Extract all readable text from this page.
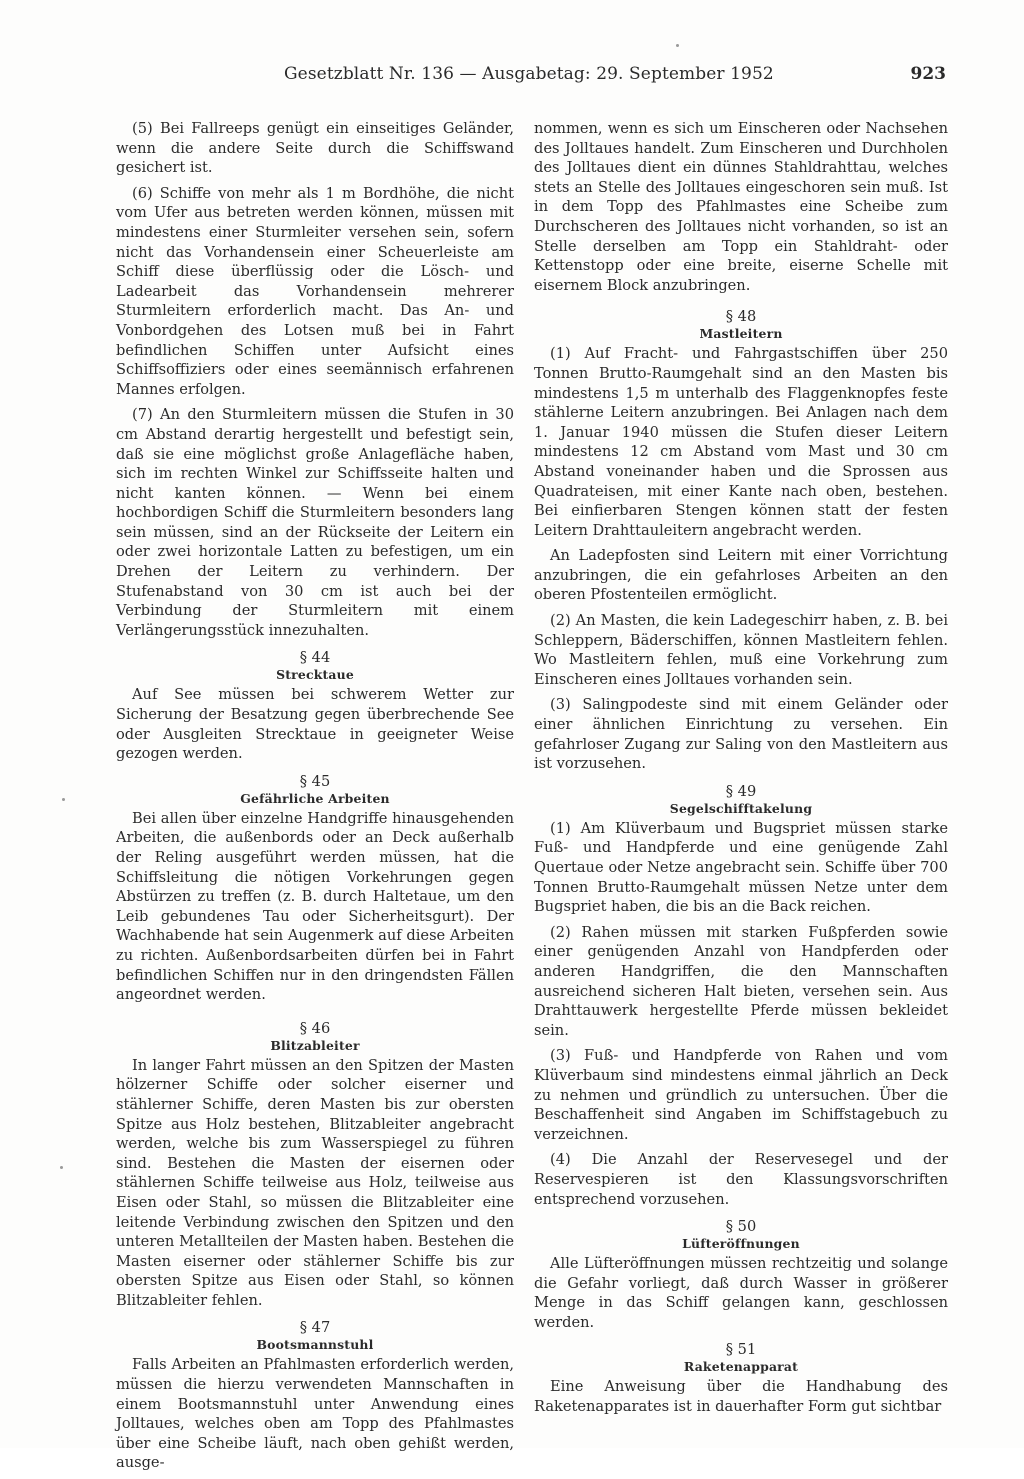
Gesetzblatt Nr. 136 — Ausgabetag: 29. September 1952	923

(5) Bei Fallreeps genügt ein einseitiges Geländer, wenn die andere Seite durch die Schiffswand gesichert ist.

(6) Schiffe von mehr als 1 m Bordhöhe, die nicht vom Ufer aus betreten werden können, müssen mit mindestens einer Sturmleiter versehen sein, sofern nicht das Vorhandensein einer Scheuerleiste am Schiff diese überflüssig oder die Lösch- und Ladearbeit das Vorhandensein mehrerer Sturmleitern erforderlich macht. Das An- und Vonbordgehen des Lotsen muß bei in Fahrt befindlichen Schiffen unter Aufsicht eines Schiffsoffiziers oder eines seemännisch erfahrenen Mannes erfolgen.

(7) An den Sturmleitern müssen die Stufen in 30 cm Abstand derartig hergestellt und befestigt sein, daß sie eine möglichst große Anlagefläche haben, sich im rechten Winkel zur Schiffsseite halten und nicht kanten können. — Wenn bei einem hochbordigen Schiff die Sturmleitern besonders lang sein müssen, sind an der Rückseite der Leitern ein oder zwei horizontale Latten zu befestigen, um ein Drehen der Leitern zu verhindern. Der Stufenabstand von 30 cm ist auch bei der Verbindung der Sturmleitern mit einem Verlängerungsstück innezuhalten.

§ 44
Strecktaue

Auf See müssen bei schwerem Wetter zur Sicherung der Besatzung gegen überbrechende See oder Ausgleiten Strecktaue in geeigneter Weise gezogen werden.

§ 45
Gefährliche Arbeiten

Bei allen über einzelne Handgriffe hinausgehenden Arbeiten, die außenbords oder an Deck außerhalb der Reling ausgeführt werden müssen, hat die Schiffsleitung die nötigen Vorkehrungen gegen Abstürzen zu treffen (z. B. durch Haltetaue, um den Leib gebundenes Tau oder Sicherheitsgurt). Der Wachhabende hat sein Augenmerk auf diese Arbeiten zu richten. Außenbordsarbeiten dürfen bei in Fahrt befindlichen Schiffen nur in den dringendsten Fällen angeordnet werden.

§ 46
Blitzableiter

In langer Fahrt müssen an den Spitzen der Masten hölzerner Schiffe oder solcher eiserner und stählerner Schiffe, deren Masten bis zur obersten Spitze aus Holz bestehen, Blitzableiter angebracht werden, welche bis zum Wasserspiegel zu führen sind. Bestehen die Masten der eisernen oder stählernen Schiffe teilweise aus Holz, teilweise aus Eisen oder Stahl, so müssen die Blitzableiter eine leitende Verbindung zwischen den Spitzen und den unteren Metallteilen der Masten haben. Bestehen die Masten eiserner oder stählerner Schiffe bis zur obersten Spitze aus Eisen oder Stahl, so können Blitzableiter fehlen.

§ 47
Bootsmannstuhl

Falls Arbeiten an Pfahlmasten erforderlich werden, müssen die hierzu verwendeten Mannschaften in einem Bootsmannstuhl unter Anwendung eines Jolltaues, welches oben am Topp des Pfahlmastes über eine Scheibe läuft, nach oben gehißt werden, ausge-

nommen, wenn es sich um Einscheren oder Nachsehen des Jolltaues handelt. Zum Einscheren und Durchholen des Jolltaues dient ein dünnes Stahldrahttau, welches stets an Stelle des Jolltaues eingeschoren sein muß. Ist in dem Topp des Pfahlmastes eine Scheibe zum Durchscheren des Jolltaues nicht vorhanden, so ist an Stelle derselben am Topp ein Stahldraht- oder Kettenstopp oder eine breite, eiserne Schelle mit eisernem Block anzubringen.

§ 48
Mastleitern

(1) Auf Fracht- und Fahrgastschiffen über 250 Tonnen Brutto-Raumgehalt sind an den Masten bis mindestens 1,5 m unterhalb des Flaggenknopfes feste stählerne Leitern anzubringen. Bei Anlagen nach dem 1. Januar 1940 müssen die Stufen dieser Leitern mindestens 12 cm Abstand vom Mast und 30 cm Abstand voneinander haben und die Sprossen aus Quadrateisen, mit einer Kante nach oben, bestehen. Bei einfierbaren Stengen können statt der festen Leitern Drahttauleitern angebracht werden.

An Ladepfosten sind Leitern mit einer Vorrichtung anzubringen, die ein gefahrloses Arbeiten an den oberen Pfostenteilen ermöglicht.

(2) An Masten, die kein Ladegeschirr haben, z. B. bei Schleppern, Bäderschiffen, können Mastleitern fehlen. Wo Mastleitern fehlen, muß eine Vorkehrung zum Einscheren eines Jolltaues vorhanden sein.

(3) Salingpodeste sind mit einem Geländer oder einer ähnlichen Einrichtung zu versehen. Ein gefahrloser Zugang zur Saling von den Mastleitern aus ist vorzusehen.

§ 49
Segelschifftakelung

(1) Am Klüverbaum und Bugspriet müssen starke Fuß- und Handpferde und eine genügende Zahl Quertaue oder Netze angebracht sein. Schiffe über 700 Tonnen Brutto-Raumgehalt müssen Netze unter dem Bugspriet haben, die bis an die Back reichen.

(2) Rahen müssen mit starken Fußpferden sowie einer genügenden Anzahl von Handpferden oder anderen Handgriffen, die den Mannschaften ausreichend sicheren Halt bieten, versehen sein. Aus Drahttauwerk hergestellte Pferde müssen bekleidet sein.

(3) Fuß- und Handpferde von Rahen und vom Klüverbaum sind mindestens einmal jährlich an Deck zu nehmen und gründlich zu untersuchen. Über die Beschaffenheit sind Angaben im Schiffstagebuch zu verzeichnen.

(4) Die Anzahl der Reservesegel und der Reservespieren ist den Klassungsvorschriften entsprechend vorzusehen.

§ 50
Lüfteröffnungen

Alle Lüfteröffnungen müssen rechtzeitig und solange die Gefahr vorliegt, daß durch Wasser in größerer Menge in das Schiff gelangen kann, geschlossen werden.

§ 51
Raketenapparat

Eine Anweisung über die Handhabung des Raketenapparates ist in dauerhafter Form gut sichtbar
